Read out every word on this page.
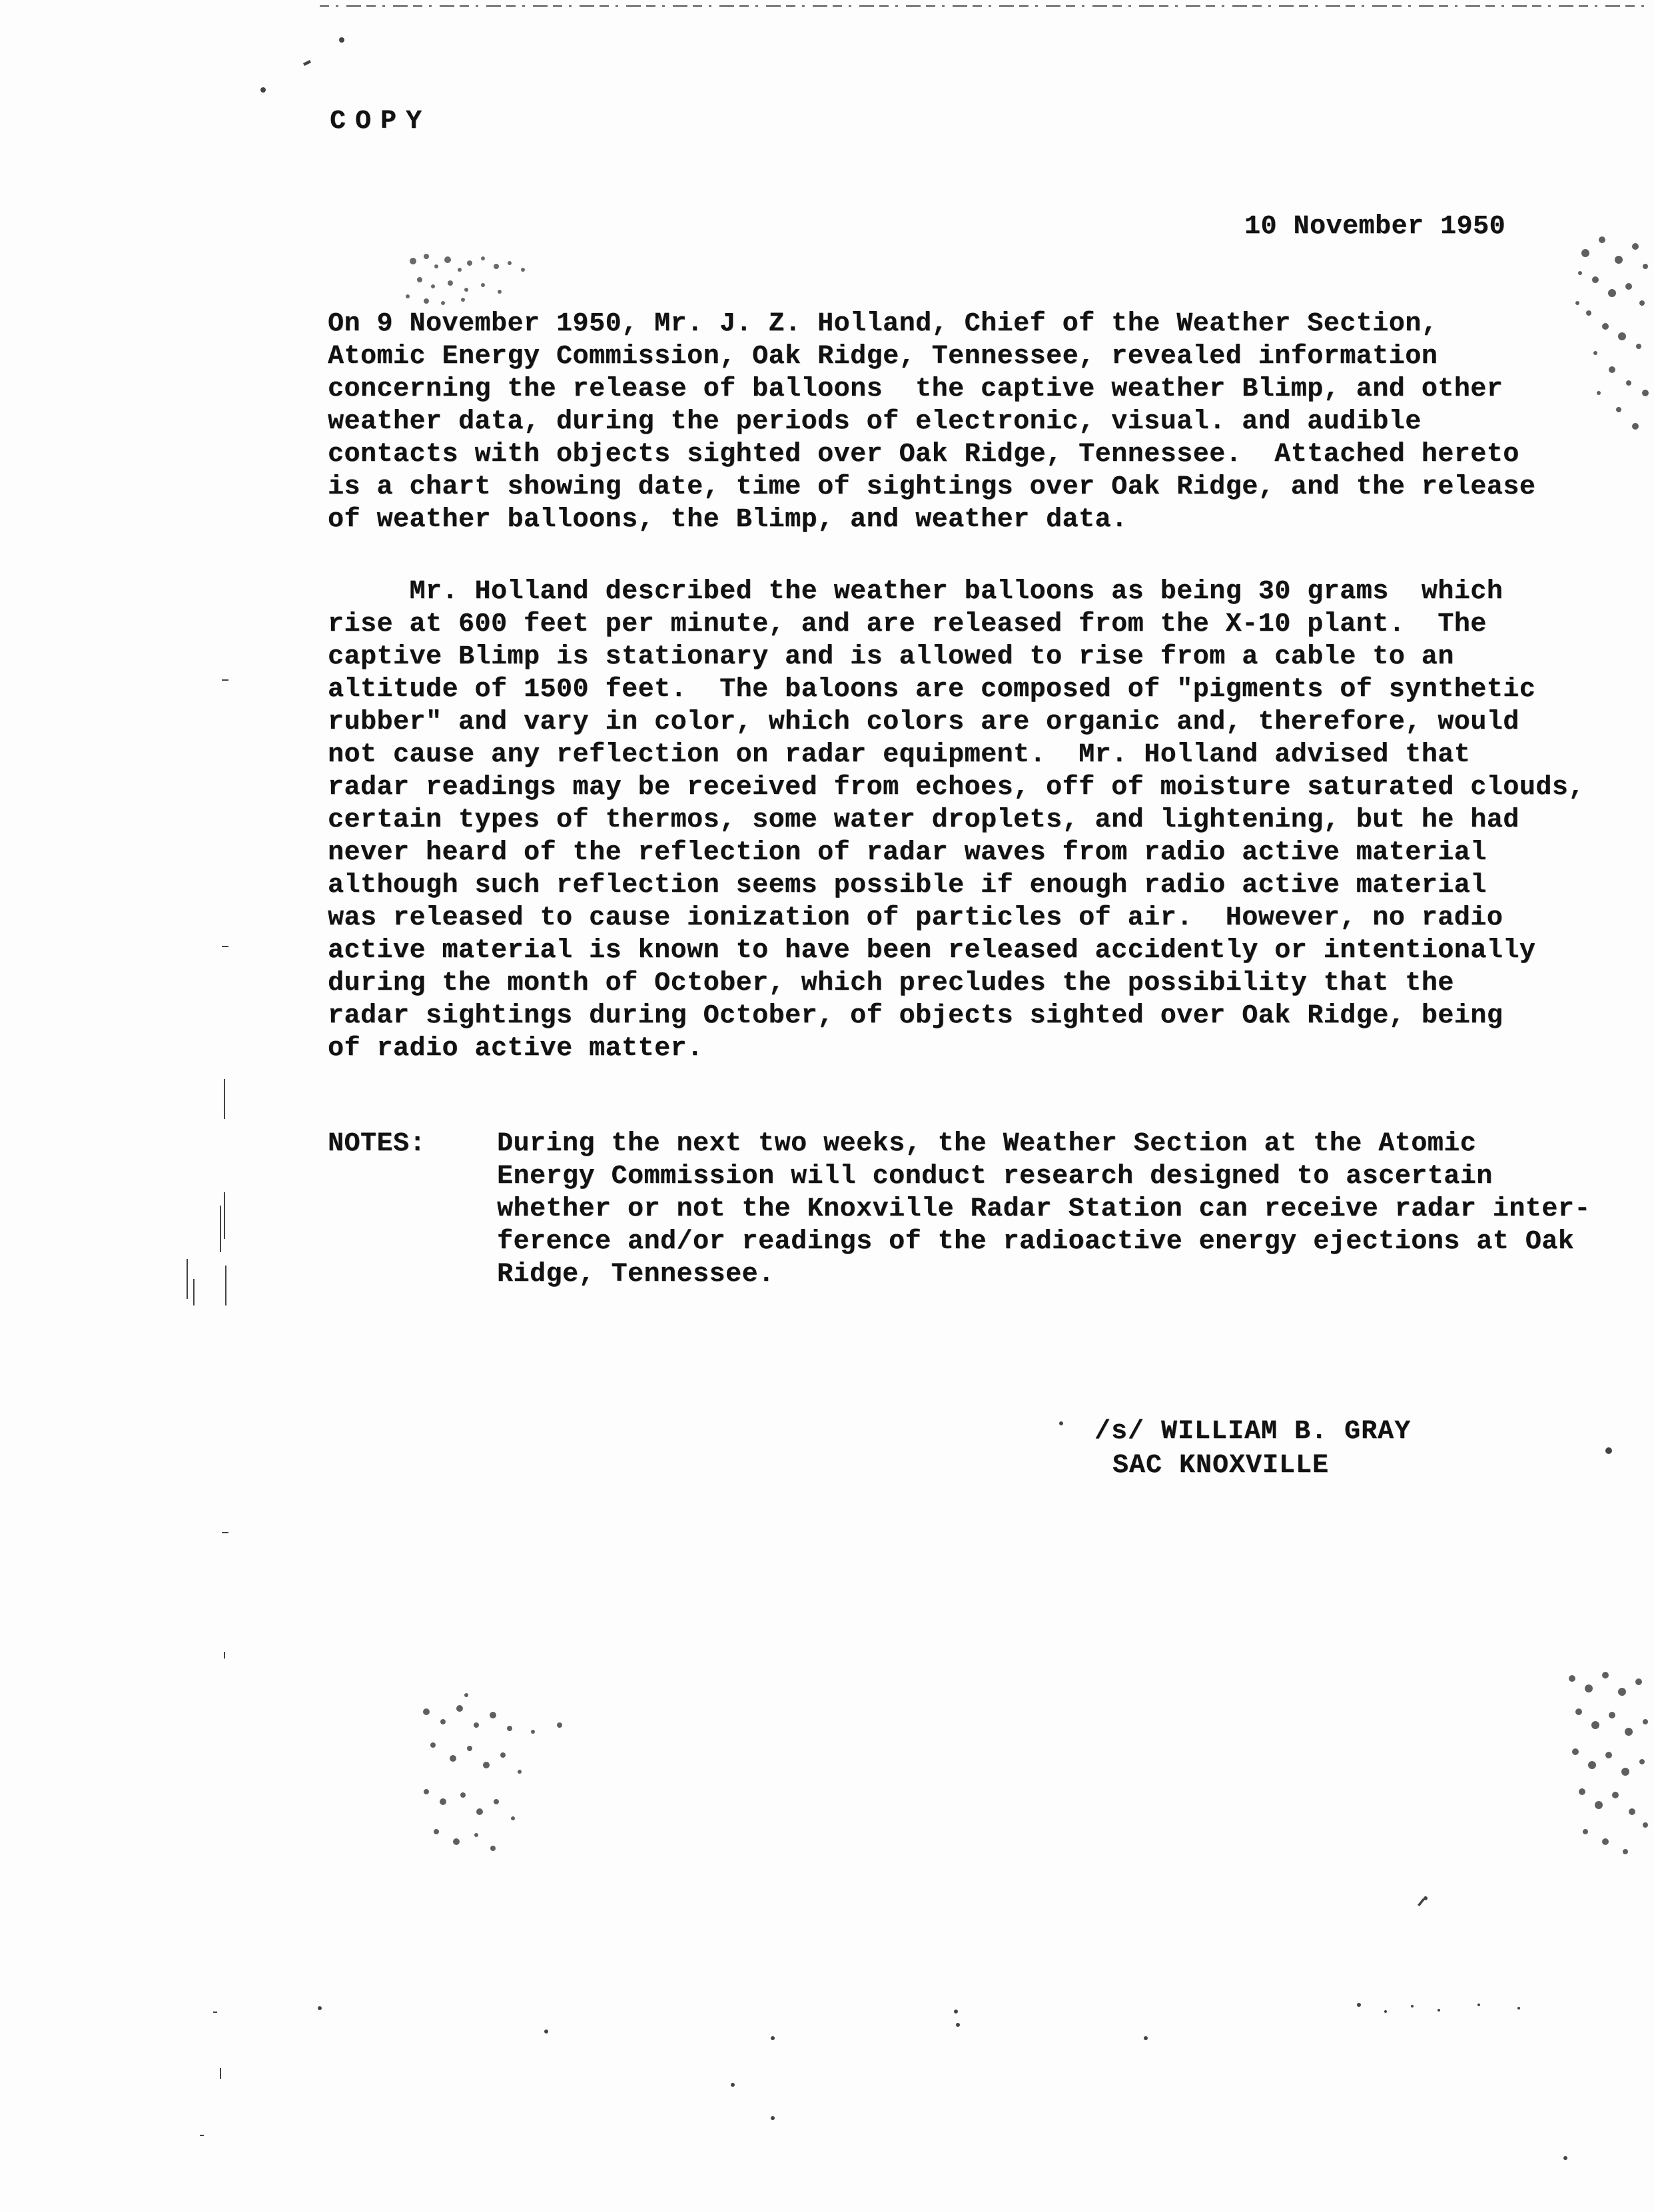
COPY
10 November 1950

On 9 November 1950, Mr. J. Z. Holland, Chief of the Weather Section,
Atomic Energy Commission, Oak Ridge, Tennessee, revealed information
concerning the release of balloons  the captive weather Blimp, and other
weather data, during the periods of electronic, visual. and audible
contacts with objects sighted over Oak Ridge, Tennessee.  Attached hereto
is a chart showing date, time of sightings over Oak Ridge, and the release
of weather balloons, the Blimp, and weather data.

Mr. Holland described the weather balloons as being 30 grams  which
rise at 600 feet per minute, and are released from the X-10 plant.  The
captive Blimp is stationary and is allowed to rise from a cable to an
altitude of 1500 feet.  The baloons are composed of "pigments of synthetic
rubber" and vary in color, which colors are organic and, therefore, would
not cause any reflection on radar equipment.  Mr. Holland advised that
radar readings may be received from echoes, off of moisture saturated clouds,
certain types of thermos, some water droplets, and lightening, but he had
never heard of the reflection of radar waves from radio active material
although such reflection seems possible if enough radio active material
was released to cause ionization of particles of air.  However, no radio
active material is known to have been released accidently or intentionally
during the month of October, which precludes the possibility that the
radar sightings during October, of objects sighted over Oak Ridge, being
of radio active matter.

NOTES:	During the next two weeks, the Weather Section at the Atomic
Energy Commission will conduct research designed to ascertain
whether or not the Knoxville Radar Station can receive radar inter-
ference and/or readings of the radioactive energy ejections at Oak
Ridge, Tennessee.

/s/ WILLIAM B. GRAY
SAC KNOXVILLE
